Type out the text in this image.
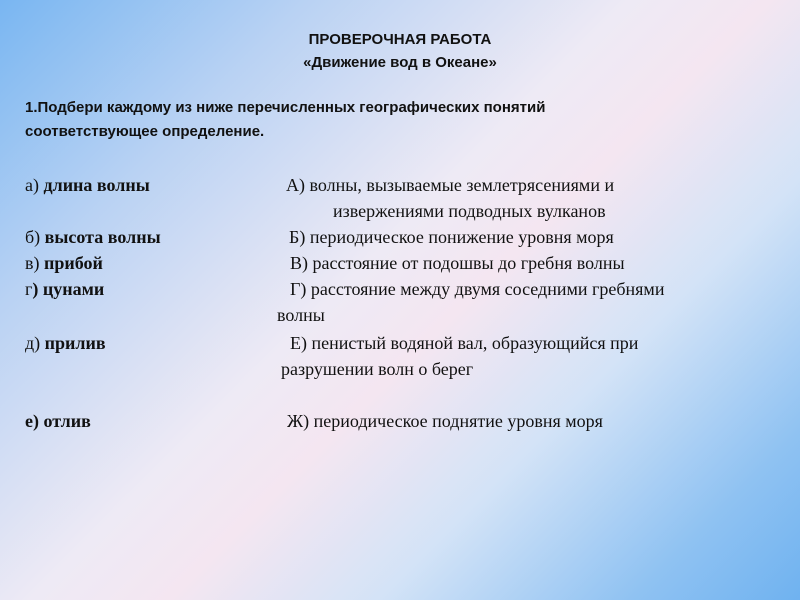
ПРОВЕРОЧНАЯ РАБОТА
«Движение вод в Океане»
1.Подбери каждому из ниже перечисленных географических понятий
соответствующее определение.
а) длина волны
б) высота волны
в) прибой
г) цунами
д) прилив
е) отлив
А) волны, вызываемые землетрясениями и
извержениями подводных вулканов
Б) периодическое понижение уровня моря
В) расстояние от подошвы до гребня волны
Г) расстояние между двумя соседними гребнями
волны
Е) пенистый водяной вал, образующийся при
разрушении волн о берег
Ж) периодическое поднятие уровня моря
